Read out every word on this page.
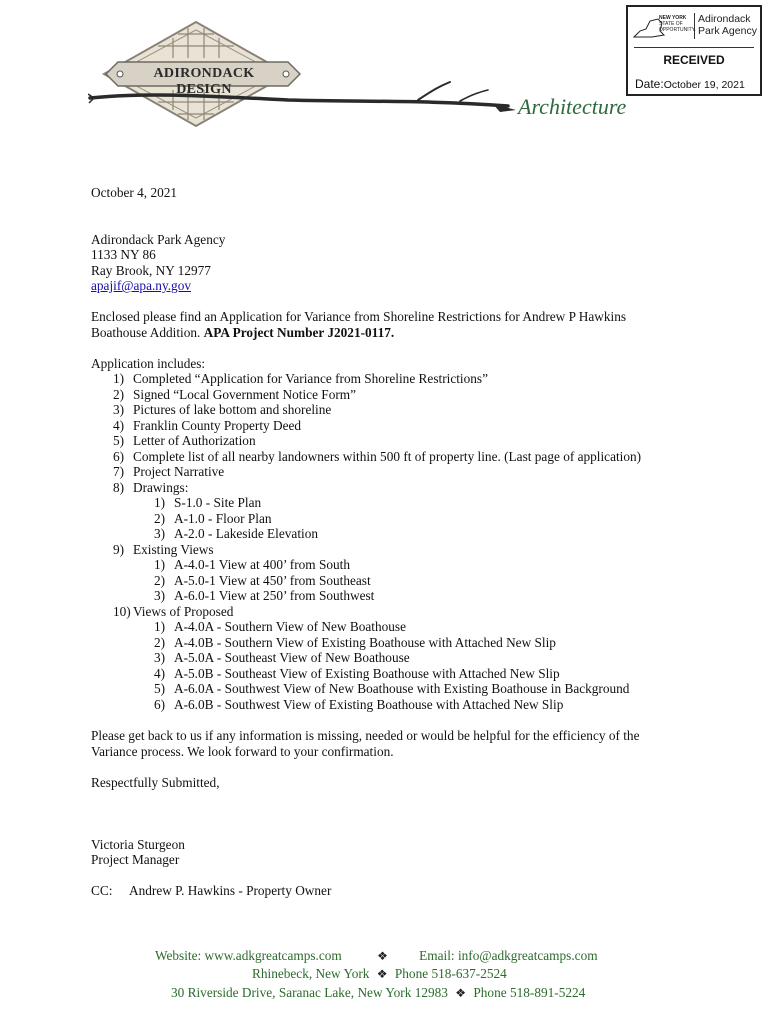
ADIRONDACK DESIGN
Architecture
NEW YORK
STATE OF
OPPORTUNITY.
Adirondack
Park Agency
RECEIVED
Date:October 19, 2021
October 4, 2021
Adirondack Park Agency
1133 NY 86
Ray Brook, NY 12977
apajif@apa.ny.gov
Enclosed please find an Application for Variance from Shoreline Restrictions for Andrew P Hawkins
Boathouse Addition. APA Project Number J2021-0117.
Application includes:
1) Completed “Application for Variance from Shoreline Restrictions”
2) Signed “Local Government Notice Form”
3) Pictures of lake bottom and shoreline
4) Franklin County Property Deed
5) Letter of Authorization
6) Complete list of all nearby landowners within 500 ft of property line. (Last page of application)
7) Project Narrative
8) Drawings:
1) S-1.0 - Site Plan
2) A-1.0 - Floor Plan
3) A-2.0 - Lakeside Elevation
9) Existing Views
1) A-4.0-1 View at 400’ from South
2) A-5.0-1 View at 450’ from Southeast
3) A-6.0-1 View at 250’ from Southwest
10) Views of Proposed
1) A-4.0A - Southern View of New Boathouse
2) A-4.0B - Southern View of Existing Boathouse with Attached New Slip
3) A-5.0A - Southeast View of New Boathouse
4) A-5.0B - Southeast View of Existing Boathouse with Attached New Slip
5) A-6.0A - Southwest View of New Boathouse with Existing Boathouse in Background
6) A-6.0B - Southwest View of Existing Boathouse with Attached New Slip
Please get back to us if any information is missing, needed or would be helpful for the efficiency of the
Variance process. We look forward to your confirmation.
Respectfully Submitted,
Victoria Sturgeon
Project Manager
CC: Andrew P. Hawkins - Property Owner
Website: www.adkgreatcamps.com	❖ Email: info@adkgreatcamps.com
Rhinebeck, New York ❖ Phone 518-637-2524
30 Riverside Drive, Saranac Lake, New York 12983 ❖ Phone 518-891-5224
